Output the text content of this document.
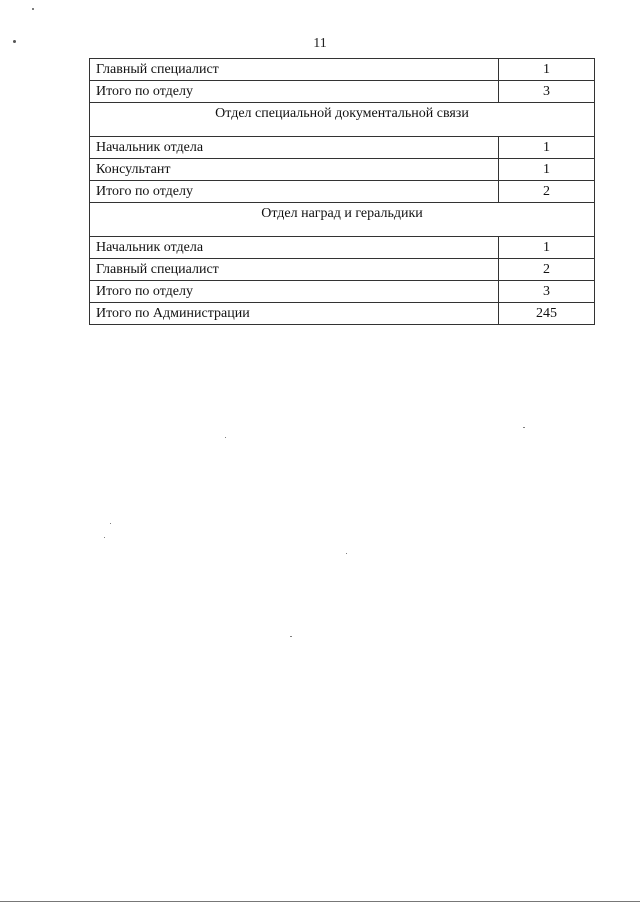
11
Главный специалист	1
Итого по отделу	3
Отдел специальной документальной связи	
Начальник отдела	1
Консультант	1
Итого по отделу	2
Отдел наград и геральдики	
Начальник отдела	1
Главный специалист	2
Итого по отделу	3
Итого по Администрации	245
